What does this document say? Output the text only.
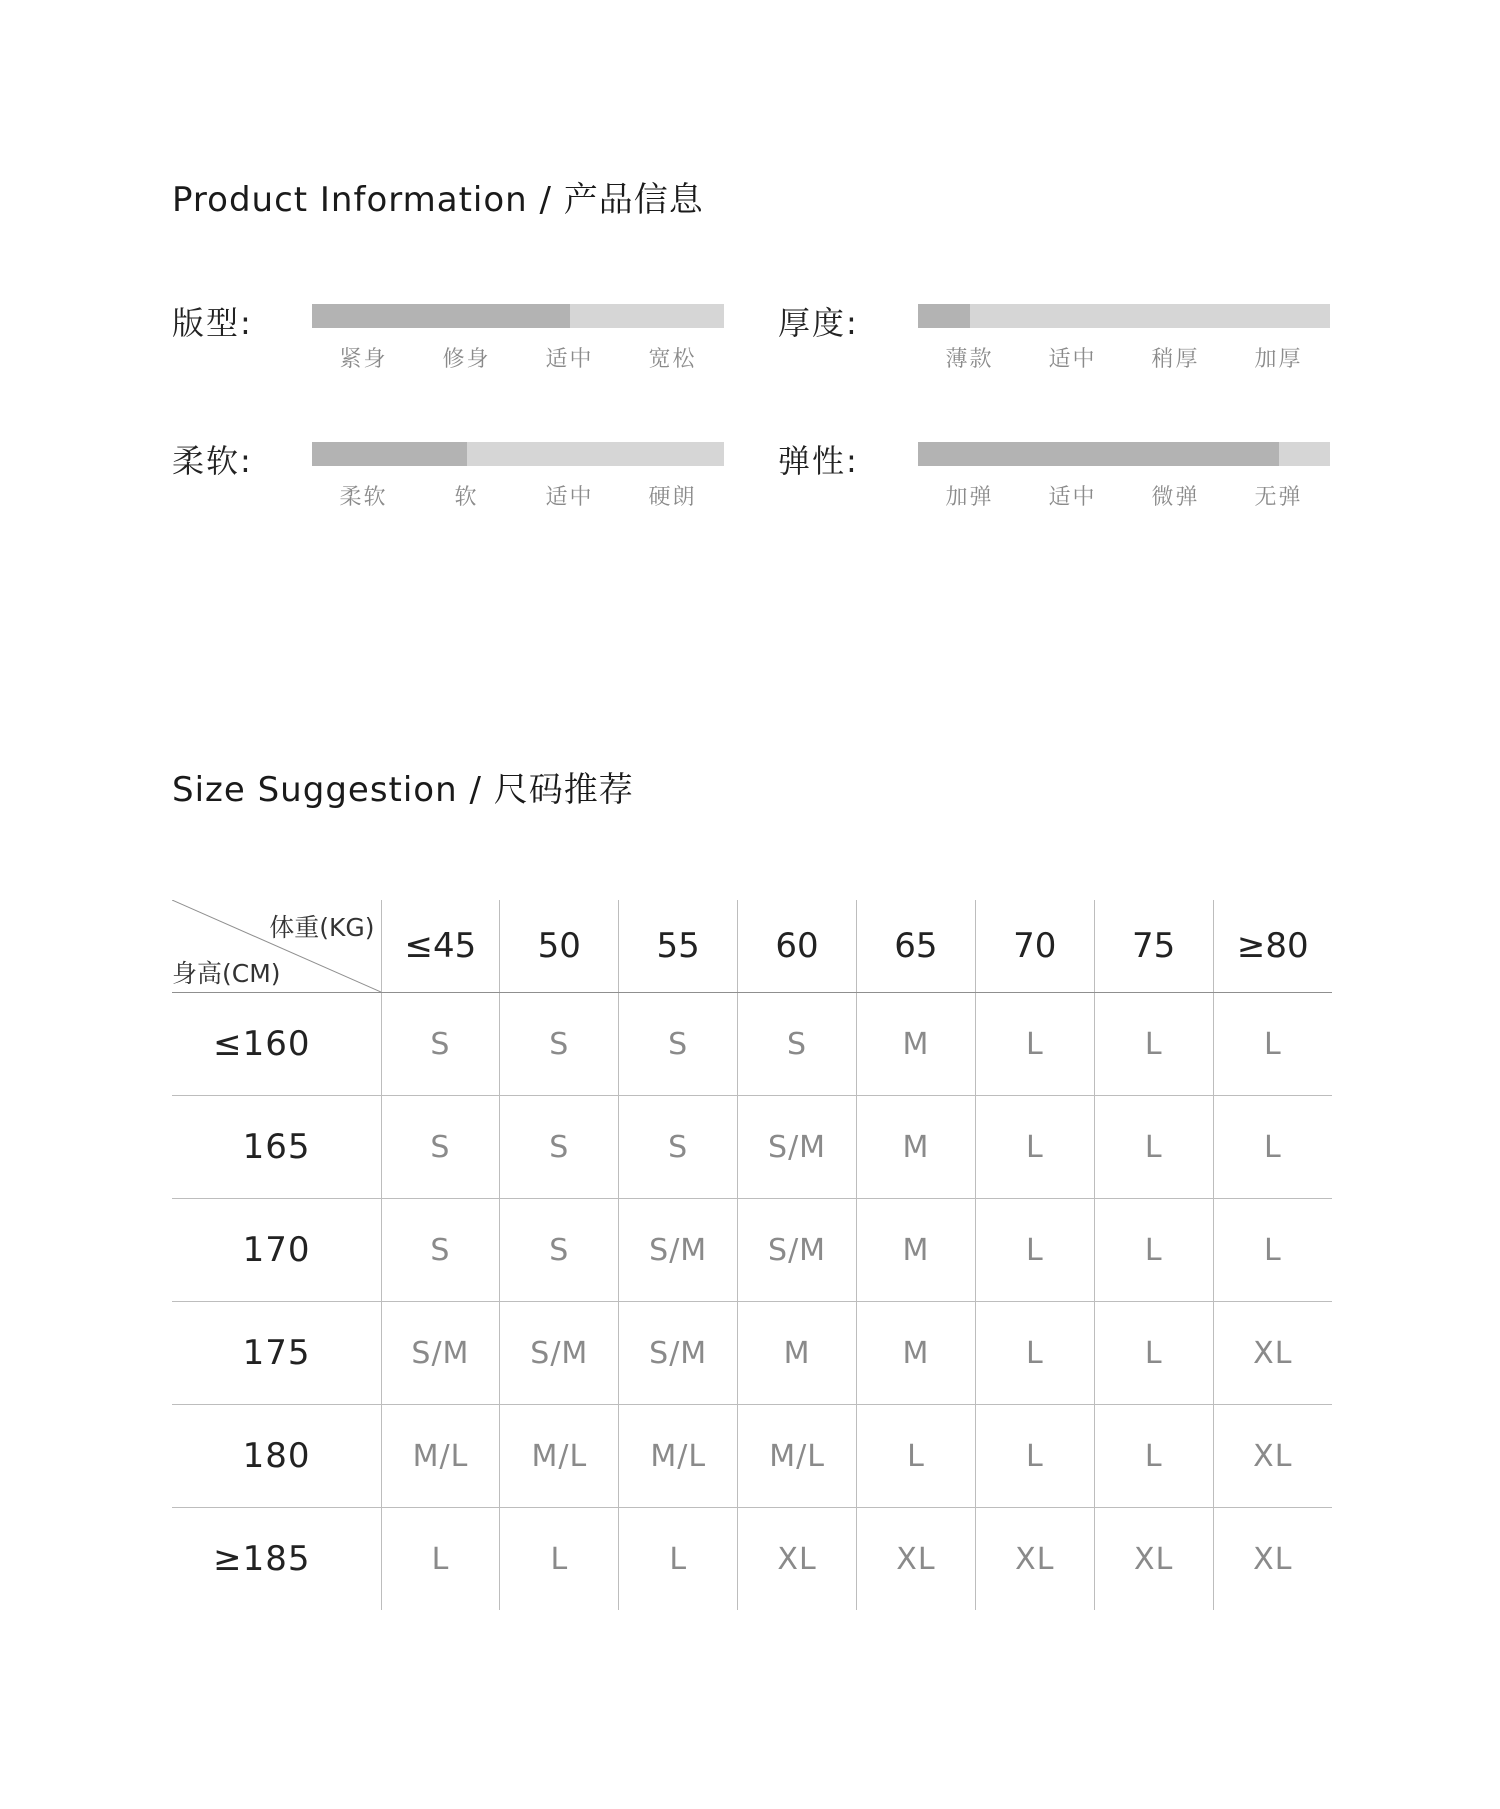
Product Information / 产品信息
版型:
紧身	修身	适中	宽松
厚度:
薄款	适中	稍厚	加厚
柔软:
柔软	软	适中	硬朗
弹性:
加弹	适中	微弹	无弹
Size Suggestion / 尺码推荐
体重(KG)
身高(CM)	≤45	50	55	60	65	70	75	≥80
≤160	S	S	S	S	M	L	L	L
165	S	S	S	S/M	M	L	L	L
170	S	S	S/M	S/M	M	L	L	L
175	S/M	S/M	S/M	M	M	L	L	XL
180	M/L	M/L	M/L	M/L	L	L	L	XL
≥185	L	L	L	XL	XL	XL	XL	XL
